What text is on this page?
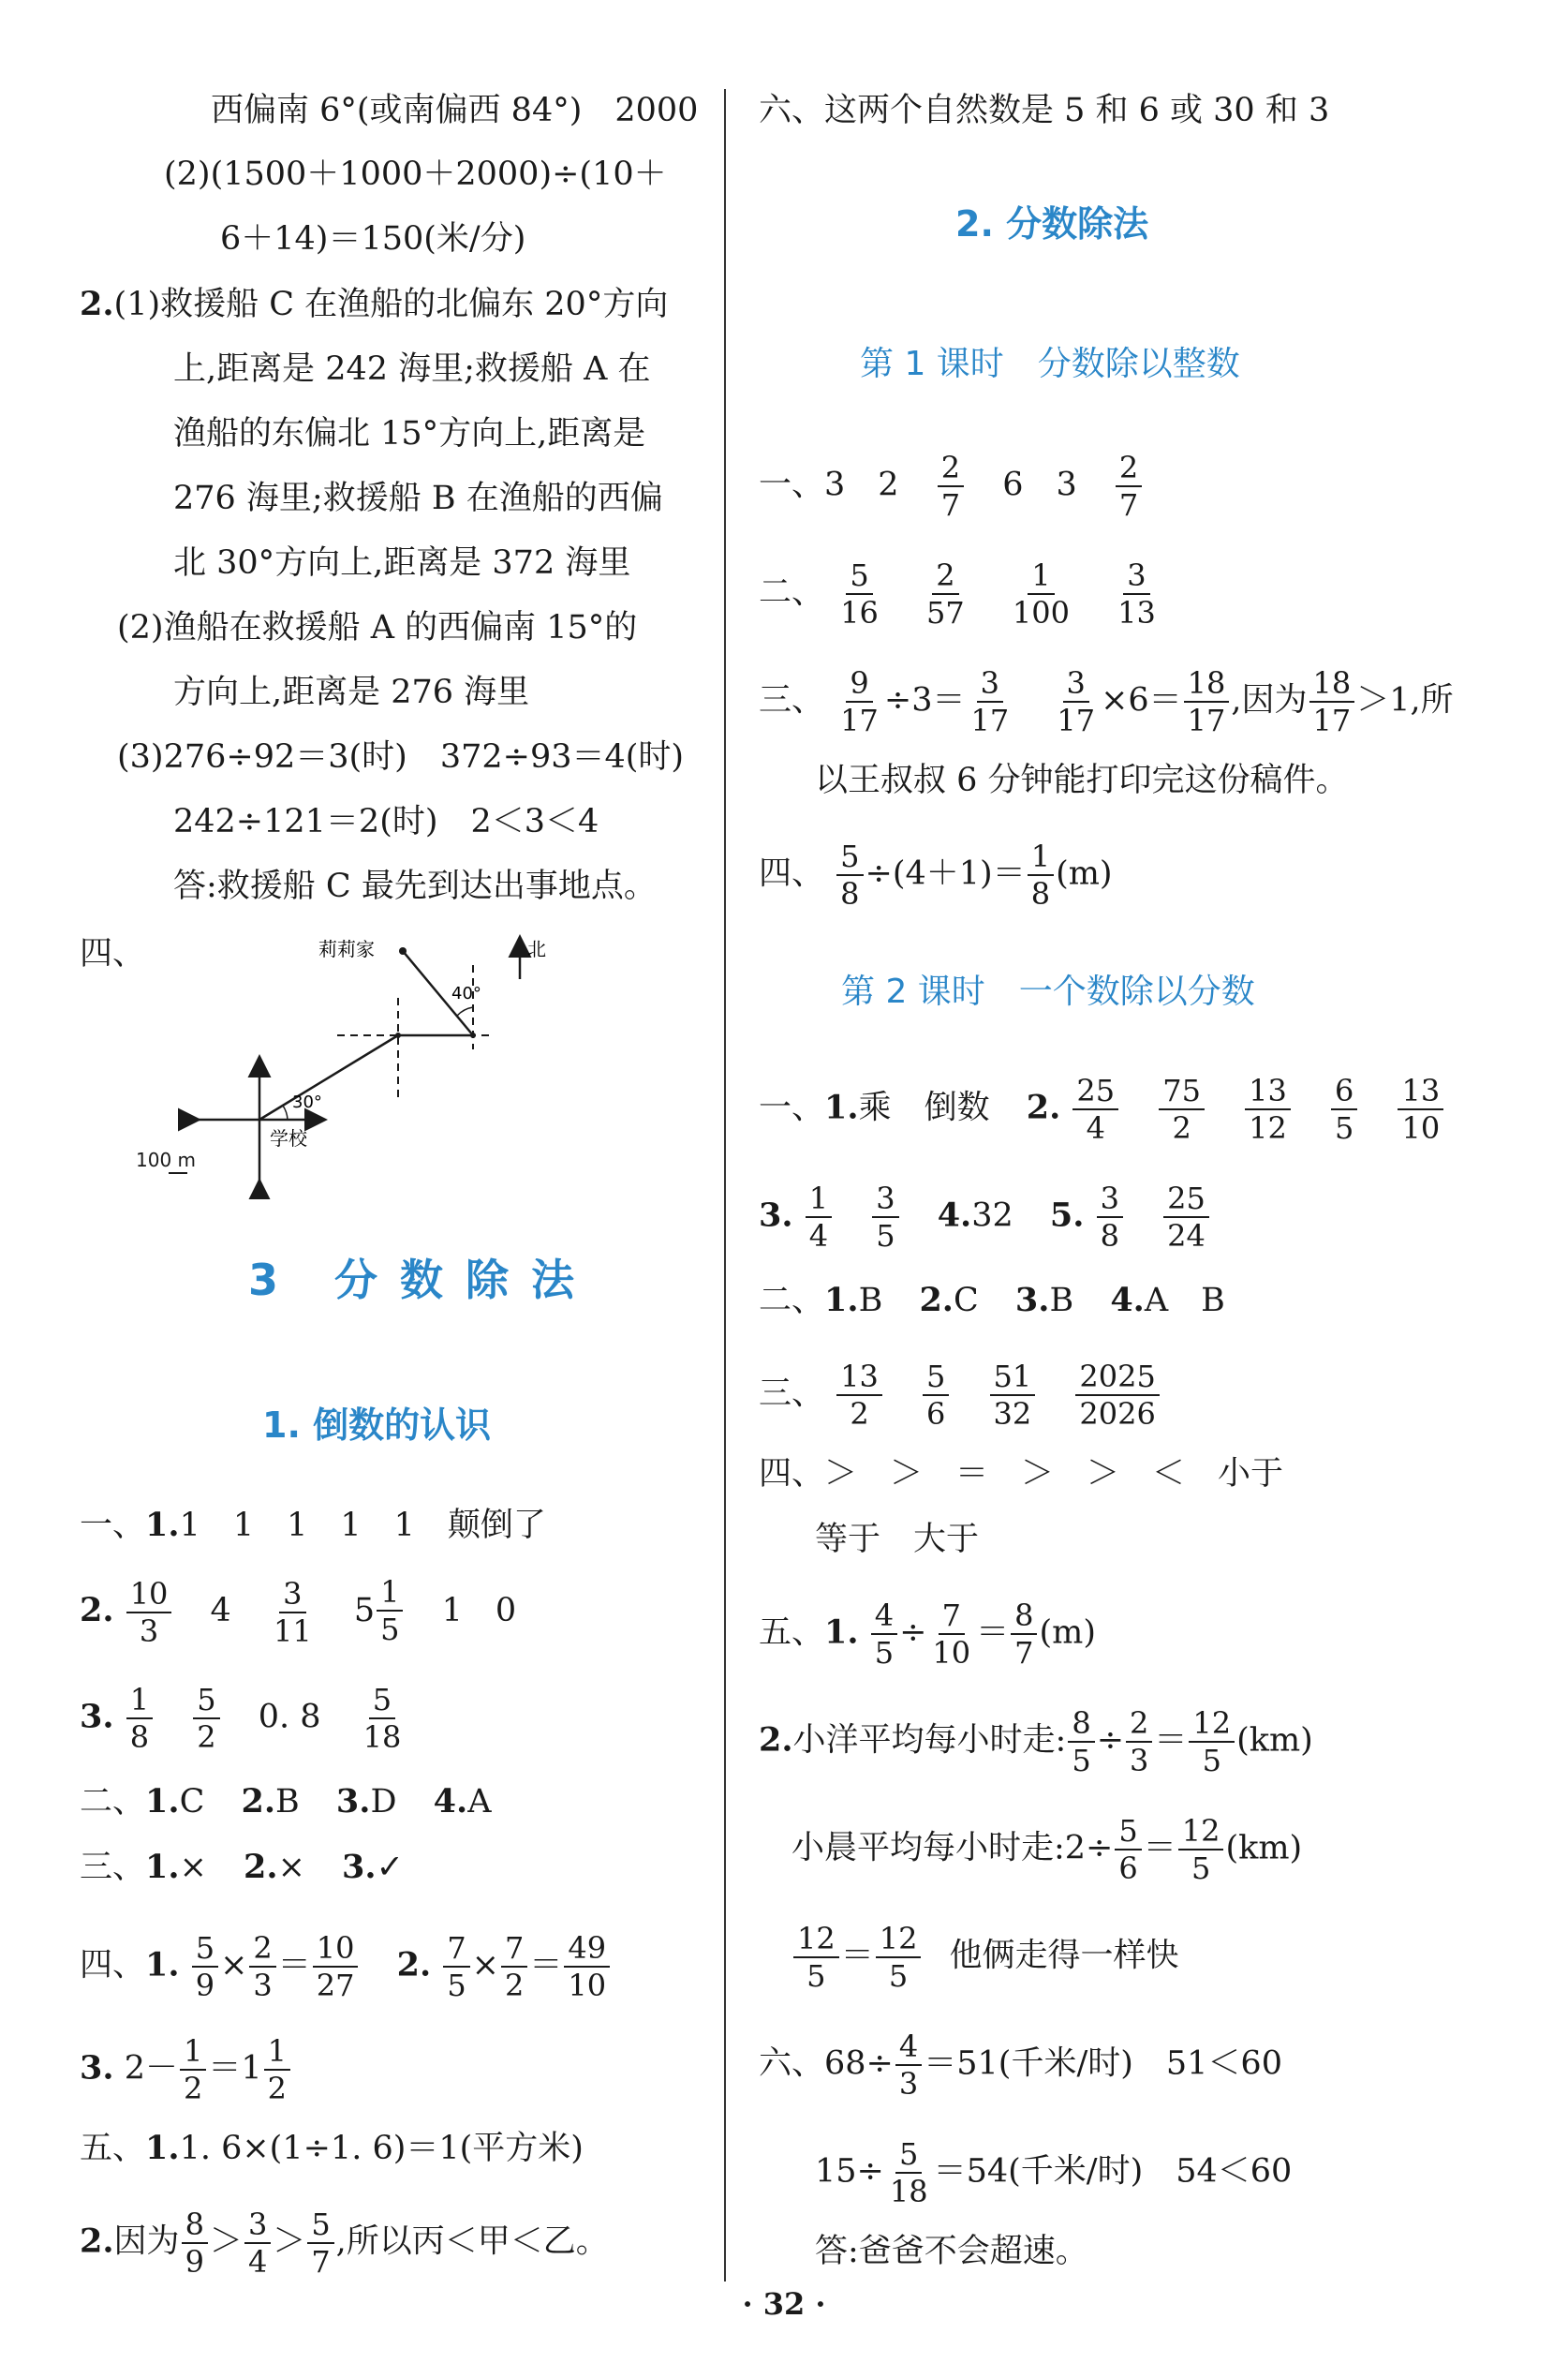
西偏南 6°(或南偏西 84°)　2000
(2)(1500＋1000＋2000)÷(10＋
6＋14)＝150(米/分)
2.(1)救援船 C 在渔船的北偏东 20°方向
上,距离是 242 海里;救援船 A 在
渔船的东偏北 15°方向上,距离是
276 海里;救援船 B 在渔船的西偏
北 30°方向上,距离是 372 海里
(2)渔船在救援船 A 的西偏南 15°的
方向上,距离是 276 海里
(3)276÷92＝3(时)　372÷93＝4(时)
242÷121＝2(时)　2＜3＜4
答:救援船 C 最先到达出事地点。
四、	莉莉家	北
40°
30°
学校
100 m
3 分 数 除 法
1. 倒数的认识
一、1.1　1　1　1　1　颠倒了
2. $\frac{10}{3} 4 \frac{3}{11}$
$5 \frac{1}{5} 1$　0
3. $\frac{1}{8}$
$\frac{5}{2} 0$. $8 \frac{5}{18}$
二、1.C 2.B 3.D 4.A
三、1.× 2.× 3.✓
四、1. $\frac{5}{9} \times \frac{2}{3} = \frac{10}{27} 2$. $\frac{7}{5} \times \frac{7}{2} = \frac{49}{10}$
3. $2- \frac{1}{2} =1 \frac{1}{2}$
五、1.1. 6×(1÷1. 6)＝1(平方米)
2.因为 $\frac{8}{9} > \frac{3}{4} > \frac{5}{7}$ ,所以丙＜甲＜乙。
六、这两个自然数是 5 和 6 或 30 和 3
2. 分数除法
第 1 课时　分数除以整数
一、3　$2 \frac{2}{7} 6$　$3 \frac{2}{7}$
二、 $\frac{5}{16}$
$\frac{2}{57}$
$\frac{1}{100}$
$\frac{3}{13}$
三、 $\frac{9}{17} \div 3= \frac{3}{17}$
$\frac{3}{17} \times 6= \frac{18}{17}$ ,因为 $\frac{18}{17} >1$,所
以王叔叔 6 分钟能打印完这份稿件。
四、 $\frac{5}{8} \div(4+1)= \frac{1}{8} (m)$
第 2 课时　一个数除以分数
一、1.乘　倒数 2. $\frac{25}{4}$
$\frac{75}{2}$
$\frac{13}{12}$
$\frac{6}{5}$
$\frac{13}{10}$
3. $\frac{1}{4}$
$\frac{3}{5} 4.32$ 5. $\frac{3}{8}$
$\frac{25}{24}$
二、1.B 2.C 3.B 4.A　B
三、 $\frac{13}{2}$
$\frac{5}{6}$
$\frac{51}{32}$
$\frac{2025}{2026}$
四、＞　＞　＝　＞　＞　＜　小于
等于　大于
五、1. $\frac{4}{5} \div \frac{7}{10} = \frac{8}{7} (m)$
2.小洋平均每小时走: $\frac{8}{5} \div \frac{2}{3} = \frac{12}{5} (km)$
小晨平均每小时走:2÷ $\frac{5}{6} = \frac{12}{5} (km)$
$\frac{12}{5} = \frac{12}{5}$ 他俩走得一样快
六、$68\div \frac{4}{3} =51$(千米/时)　51＜60
$15\div \frac{5}{18} =54$(千米/时)　54＜60
答:爸爸不会超速。
· 32 ·
